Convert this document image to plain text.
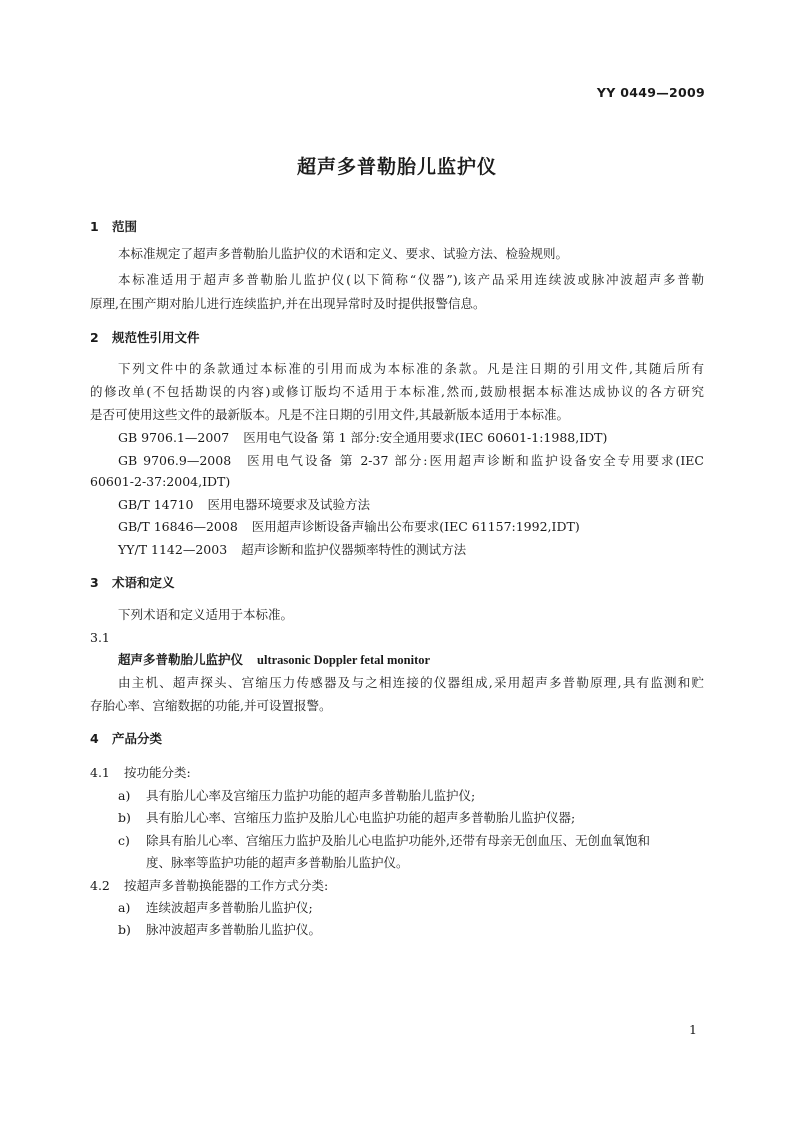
YY 0449—2009
超声多普勒胎儿监护仪
1 范围
本标准规定了超声多普勒胎儿监护仪的术语和定义、要求、试验方法、检验规则。
本标准适用于超声多普勒胎儿监护仪(以下简称“仪器”),该产品采用连续波或脉冲波超声多普勒
原理,在围产期对胎儿进行连续监护,并在出现异常时及时提供报警信息。
2 规范性引用文件
下列文件中的条款通过本标准的引用而成为本标准的条款。凡是注日期的引用文件,其随后所有
的修改单(不包括勘误的内容)或修订版均不适用于本标准,然而,鼓励根据本标准达成协议的各方研究
是否可使用这些文件的最新版本。凡是不注日期的引用文件,其最新版本适用于本标准。
GB 9706.1—2007 医用电气设备 第 1 部分:安全通用要求(IEC 60601-1:1988,IDT)
GB 9706.9—2008 医用电气设备 第 2-37 部分:医用超声诊断和监护设备安全专用要求(IEC
60601-2-37:2004,IDT)
GB/T 14710 医用电器环境要求及试验方法
GB/T 16846—2008 医用超声诊断设备声输出公布要求(IEC 61157:1992,IDT)
YY/T 1142—2003 超声诊断和监护仪器频率特性的测试方法
3 术语和定义
下列术语和定义适用于本标准。
3.1
超声多普勒胎儿监护仪 ultrasonic Doppler fetal monitor
由主机、超声探头、宫缩压力传感器及与之相连接的仪器组成,采用超声多普勒原理,具有监测和贮
存胎心率、宫缩数据的功能,并可设置报警。
4 产品分类
4.1 按功能分类:
a) 具有胎儿心率及宫缩压力监护功能的超声多普勒胎儿监护仪;
b) 具有胎儿心率、宫缩压力监护及胎儿心电监护功能的超声多普勒胎儿监护仪器;
c) 除具有胎儿心率、宫缩压力监护及胎儿心电监护功能外,还带有母亲无创血压、无创血氧饱和
度、脉率等监护功能的超声多普勒胎儿监护仪。
4.2 按超声多普勒换能器的工作方式分类:
a) 连续波超声多普勒胎儿监护仪;
b) 脉冲波超声多普勒胎儿监护仪。
1
